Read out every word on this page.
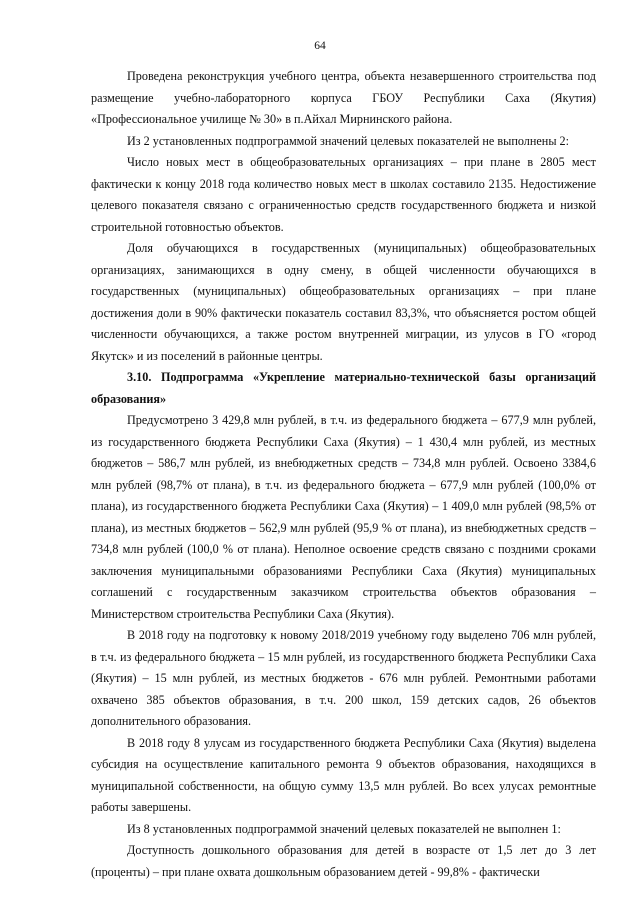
64

Проведена реконструкция учебного центра, объекта незавершенного строительства под размещение учебно-лабораторного корпуса ГБОУ Республики Саха (Якутия) «Профессиональное училище № 30» в п.Айхал Мирнинского района.

Из 2 установленных подпрограммой значений целевых показателей не выполнены 2:

Число новых мест в общеобразовательных организациях – при плане в 2805 мест фактически к концу 2018 года количество новых мест в школах составило 2135. Недостижение целевого показателя связано с ограниченностью средств государственного бюджета и низкой строительной готовностью объектов.

Доля обучающихся в государственных (муниципальных) общеобразовательных организациях, занимающихся в одну смену, в общей численности обучающихся в государственных (муниципальных) общеобразовательных организациях – при плане достижения доли в 90% фактически показатель составил 83,3%, что объясняется ростом общей численности обучающихся, а также ростом внутренней миграции, из улусов в ГО «город Якутск» и из поселений в районные центры.

3.10. Подпрограмма «Укрепление материально-технической базы организаций образования»

Предусмотрено 3 429,8 млн рублей, в т.ч. из федерального бюджета – 677,9 млн рублей, из государственного бюджета Республики Саха (Якутия) – 1 430,4 млн рублей, из местных бюджетов – 586,7 млн рублей, из внебюджетных средств – 734,8 млн рублей. Освоено 3384,6 млн рублей (98,7% от плана), в т.ч. из федерального бюджета – 677,9 млн рублей (100,0% от плана), из государственного бюджета Республики Саха (Якутия) – 1 409,0 млн рублей (98,5% от плана), из местных бюджетов – 562,9 млн рублей (95,9 % от плана), из внебюджетных средств – 734,8 млн рублей (100,0 % от плана). Неполное освоение средств связано с поздними сроками заключения муниципальными образованиями Республики Саха (Якутия) муниципальных соглашений с государственным заказчиком строительства объектов образования – Министерством строительства Республики Саха (Якутия).

В 2018 году на подготовку к новому 2018/2019 учебному году выделено 706 млн рублей, в т.ч. из федерального бюджета – 15 млн рублей, из государственного бюджета Республики Саха (Якутия) – 15 млн рублей, из местных бюджетов - 676 млн рублей. Ремонтными работами охвачено 385 объектов образования, в т.ч. 200 школ, 159 детских садов, 26 объектов дополнительного образования.

В 2018 году 8 улусам из государственного бюджета Республики Саха (Якутия) выделена субсидия на осуществление капитального ремонта 9 объектов образования, находящихся в муниципальной собственности, на общую сумму 13,5 млн рублей. Во всех улусах ремонтные работы завершены.

Из 8 установленных подпрограммой значений целевых показателей не выполнен 1:

Доступность дошкольного образования для детей в возрасте от 1,5 лет до 3 лет (проценты) – при плане охвата дошкольным образованием детей - 99,8% - фактически
